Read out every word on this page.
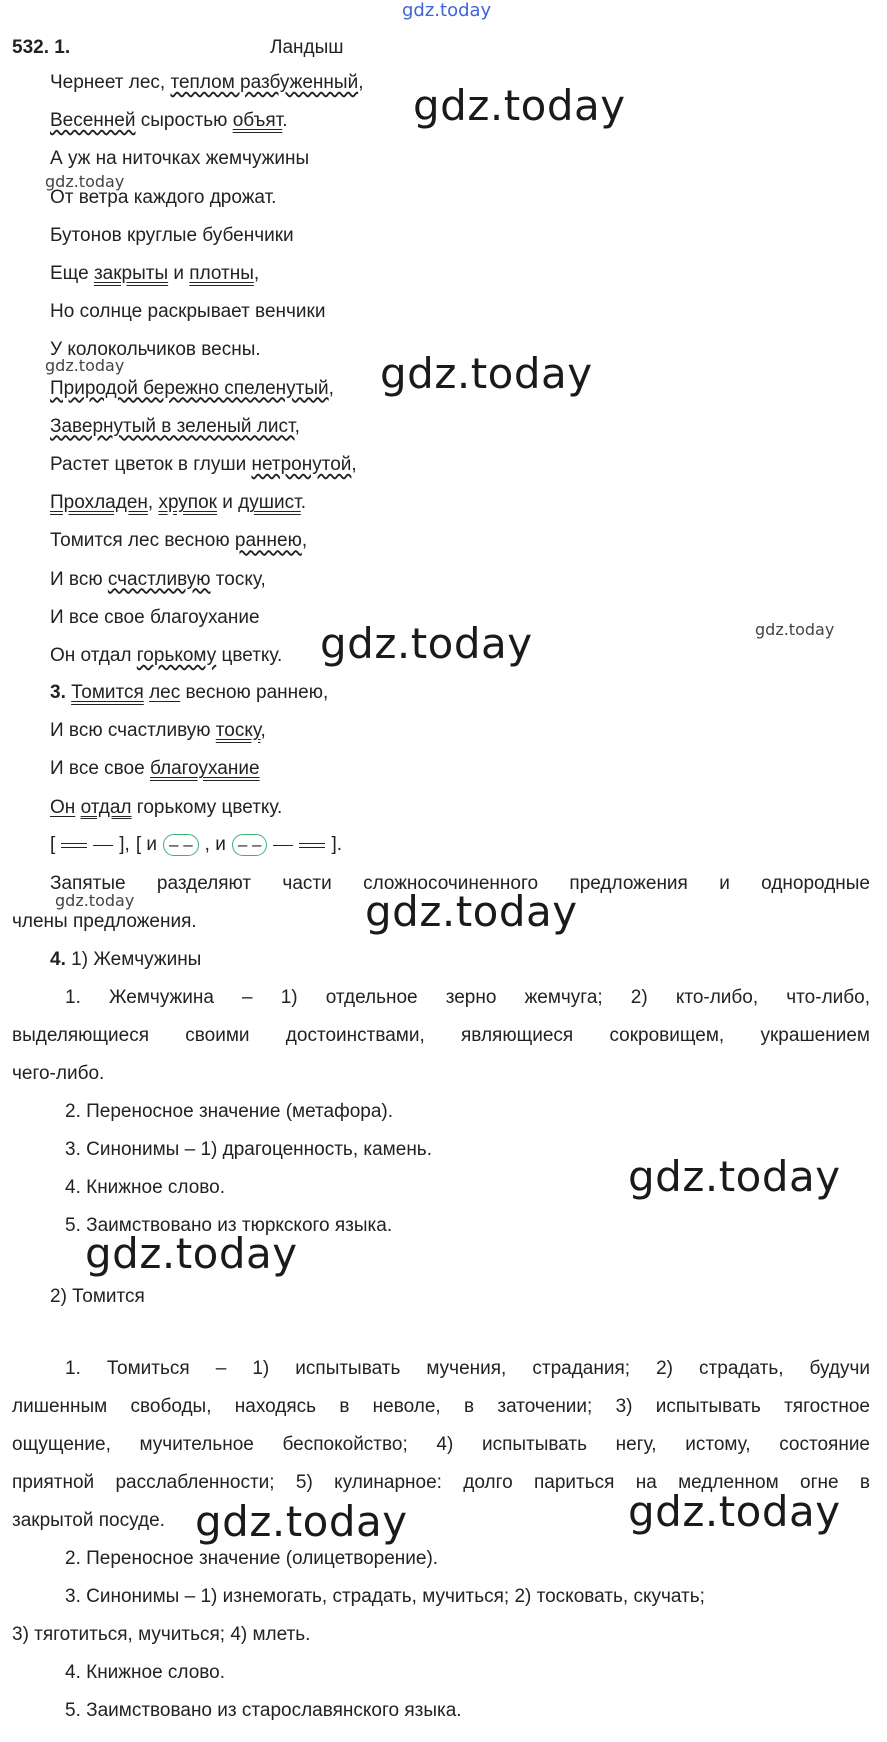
gdz.today
532. 1.	Ландыш
Чернеет лес, теплом разбуженный,
Весенней сыростью объят.
А уж на ниточках жемчужины
От ветра каждого дрожат.
Бутонов круглые бубенчики
Еще закрыты и плотны,
Но солнце раскрывает венчики
У колокольчиков весны.
Природой бережно спеленутый,
Завернутый в зеленый лист,
Растет цветок в глуши нетронутой,
Прохладен, хрупок и душист.
Томится лес весною раннею,
И всю счастливую тоску,
И все свое благоухание
Он отдал горькому цветку.
3. Томится лес весною раннею,
И всю счастливую тоску,
И все свое благоухание
Он отдал горькому цветку.
[	], [ и – – , и – –	].
Запятые разделяют части сложносочиненного предложения и однородные
члены предложения.
4. 1) Жемчужины
1. Жемчужина – 1) отдельное зерно жемчуга; 2) кто-либо, что-либо,
выделяющиеся своими достоинствами, являющиеся сокровищем, украшением
чего-либо.
2. Переносное значение (метафора).
3. Синонимы – 1) драгоценность, камень.
4. Книжное слово.
5. Заимствовано из тюркского языка.
2) Томится
1. Томиться – 1) испытывать мучения, страдания; 2) страдать, будучи
лишенным свободы, находясь в неволе, в заточении; 3) испытывать тягостное
ощущение, мучительное беспокойство; 4) испытывать негу, истому, состояние
приятной расслабленности; 5) кулинарное: долго париться на медленном огне в
закрытой посуде.
2. Переносное значение (олицетворение).
3. Синонимы – 1) изнемогать, страдать, мучиться; 2) тосковать, скучать;
3) тяготиться, мучиться; 4) млеть.
4. Книжное слово.
5. Заимствовано из старославянского языка.
gdz.today
gdz.today
gdz.today	gdz.today
gdz.today	gdz.today
gdz.today	gdz.today
gdz.today
gdz.today
gdz.today	gdz.today
